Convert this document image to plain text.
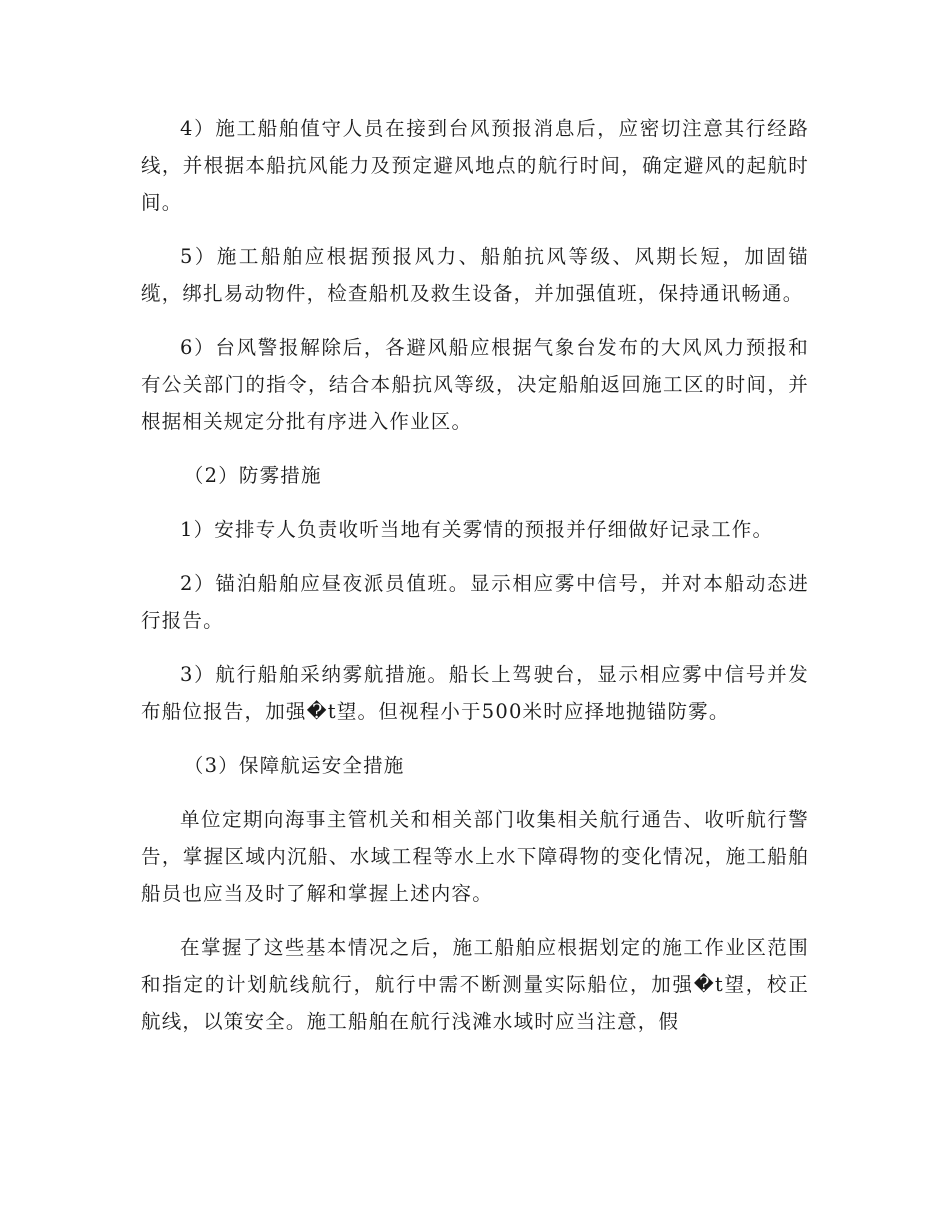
4）施工船舶值守人员在接到台风预报消息后，应密切注意其行经路线，并根据本船抗风能力及预定避风地点的航行时间，确定避风的起航时间。

5）施工船舶应根据预报风力、船舶抗风等级、风期长短，加固锚缆，绑扎易动物件，检查船机及救生设备，并加强值班，保持通讯畅通。

6）台风警报解除后，各避风船应根据气象台发布的大风风力预报和有公关部门的指令，结合本船抗风等级，决定船舶返回施工区的时间，并根据相关规定分批有序进入作业区。

（2）防雾措施

1）安排专人负责收听当地有关雾情的预报并仔细做好记录工作。

2）锚泊船舶应昼夜派员值班。显示相应雾中信号，并对本船动态进行报告。

3）航行船舶采纳雾航措施。船长上驾驶台，显示相应雾中信号并发布船位报告，加强�t望。但视程小于500米时应择地抛锚防雾。

（3）保障航运安全措施

单位定期向海事主管机关和相关部门收集相关航行通告、收听航行警告，掌握区域内沉船、水域工程等水上水下障碍物的变化情况，施工船舶船员也应当及时了解和掌握上述内容。

在掌握了这些基本情况之后，施工船舶应根据划定的施工作业区范围和指定的计划航线航行，航行中需不断测量实际船位，加强�t望，校正航线，以策安全。施工船舶在航行浅滩水域时应当注意，假
